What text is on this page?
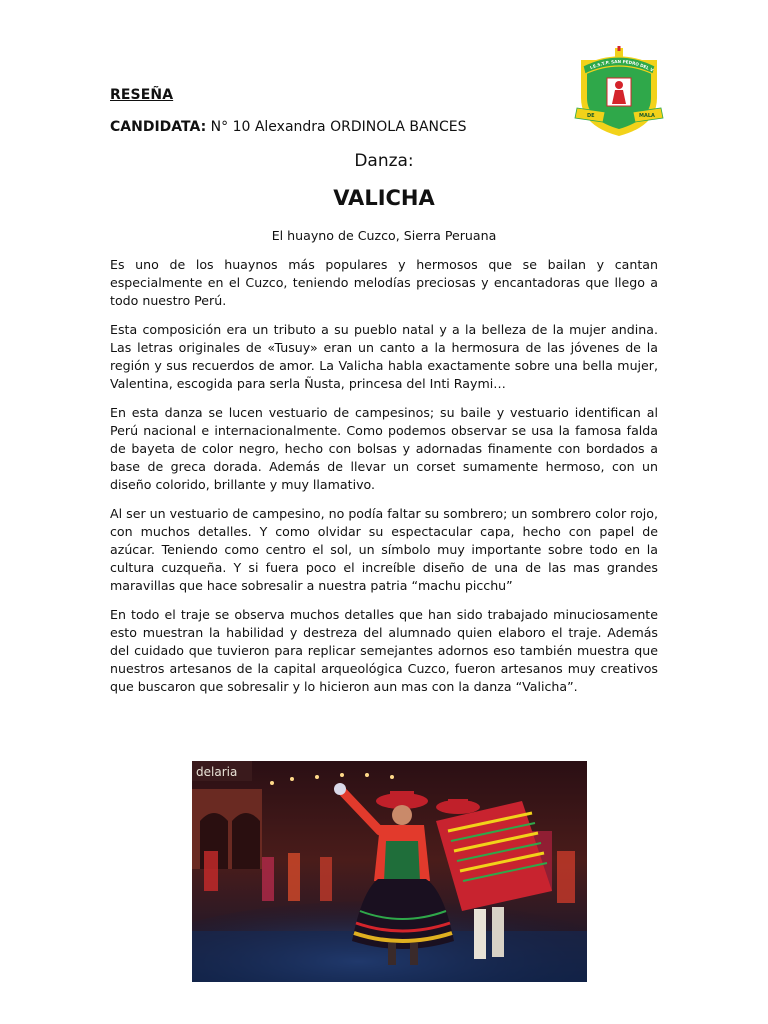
RESEÑA
CANDIDATA: N° 10 Alexandra ORDINOLA BANCES
I.E.S.T.P. SAN PEDRO DEL V
DE	MALA
Danza:
VALICHA
El huayno de Cuzco, Sierra Peruana

Es uno de los huaynos más populares y hermosos que se bailan y cantan especialmente en el Cuzco, teniendo melodías preciosas y encantadoras que llego a todo nuestro Perú.

Esta composición era un tributo a su pueblo natal y a la belleza de la mujer andina. Las letras originales de «Tusuy» eran un canto a la hermosura de las jóvenes de la región y sus recuerdos de amor. La Valicha habla exactamente sobre una bella mujer, Valentina, escogida para serla Ñusta, princesa del Inti Raymi…

En esta danza se lucen vestuario de campesinos; su baile y vestuario identifican al Perú nacional e internacionalmente. Como podemos observar se usa la famosa falda de bayeta de color negro, hecho con bolsas y adornadas finamente con bordados a base de greca dorada. Además de llevar un corset sumamente hermoso, con un diseño colorido, brillante y muy llamativo.

Al ser un vestuario de campesino, no podía faltar su sombrero; un sombrero color rojo, con muchos detalles. Y como olvidar su espectacular capa, hecho con papel de azúcar. Teniendo como centro el sol, un símbolo muy importante sobre todo en la cultura cuzqueña. Y si fuera poco el increíble diseño de una de las mas grandes maravillas que hace sobresalir a nuestra patria “machu picchu”

En todo el traje se observa muchos detalles que han sido trabajado minuciosamente esto muestran la habilidad y destreza del alumnado quien elaboro el traje. Además del cuidado que tuvieron para replicar semejantes adornos eso también muestra que nuestros artesanos de la capital arqueológica Cuzco, fueron artesanos muy creativos que buscaron que sobresalir y lo hicieron aun mas con la danza “Valicha”.

delaria
